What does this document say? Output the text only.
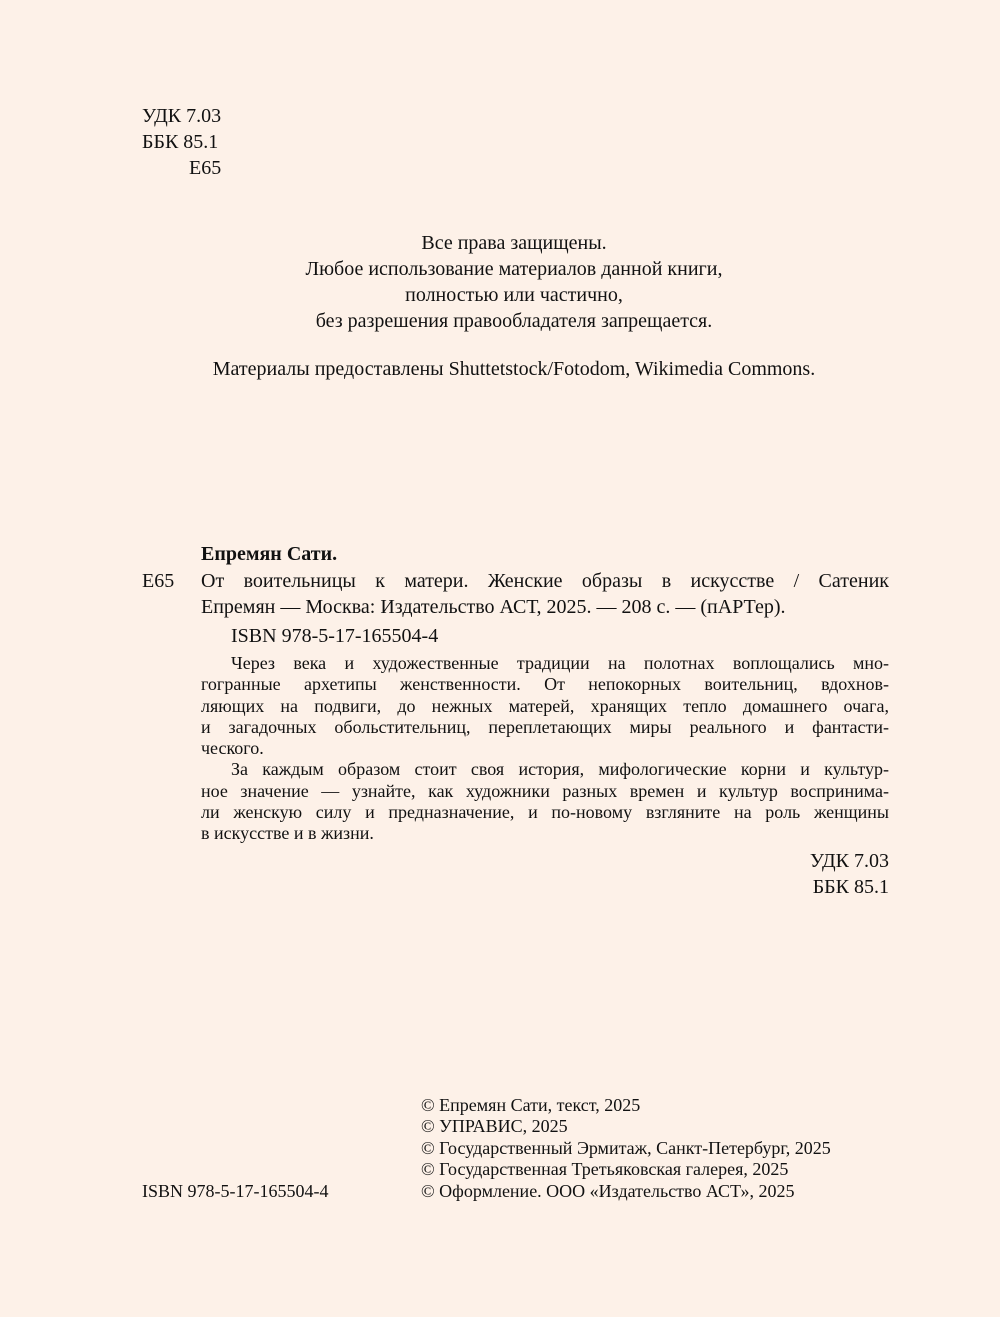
УДК 7.03
ББК 85.1
Е65
Все права защищены.
Любое использование материалов данной книги,
полностью или частично,
без разрешения правообладателя запрещается.
Материалы предоставлены Shuttetstock/Fotodom, Wikimedia Commons.
Епремян Сати.
Е65 От воительницы к матери. Женские образы в искусстве / Сатеник
Епремян — Москва: Издательство АСТ, 2025. — 208 с. — (пАРТер).
ISBN 978-5-17-165504-4
Через века и художественные традиции на полотнах воплощались мно-
гогранные архетипы женственности. От непокорных воительниц, вдохнов-
ляющих на подвиги, до нежных матерей, хранящих тепло домашнего очага,
и загадочных обольстительниц, переплетающих миры реального и фантасти-
ческого.
За каждым образом стоит своя история, мифологические корни и культур-
ное значение — узнайте, как художники разных времен и культур воспринима-
ли женскую силу и предназначение, и по-новому взгляните на роль женщины
в искусстве и в жизни.
УДК 7.03
ББК 85.1
© Епремян Сати, текст, 2025
© УПРАВИС, 2025
© Государственный Эрмитаж, Санкт-Петербург, 2025
© Государственная Третьяковская галерея, 2025
© Оформление. ООО «Издательство АСТ», 2025
ISBN 978-5-17-165504-4
